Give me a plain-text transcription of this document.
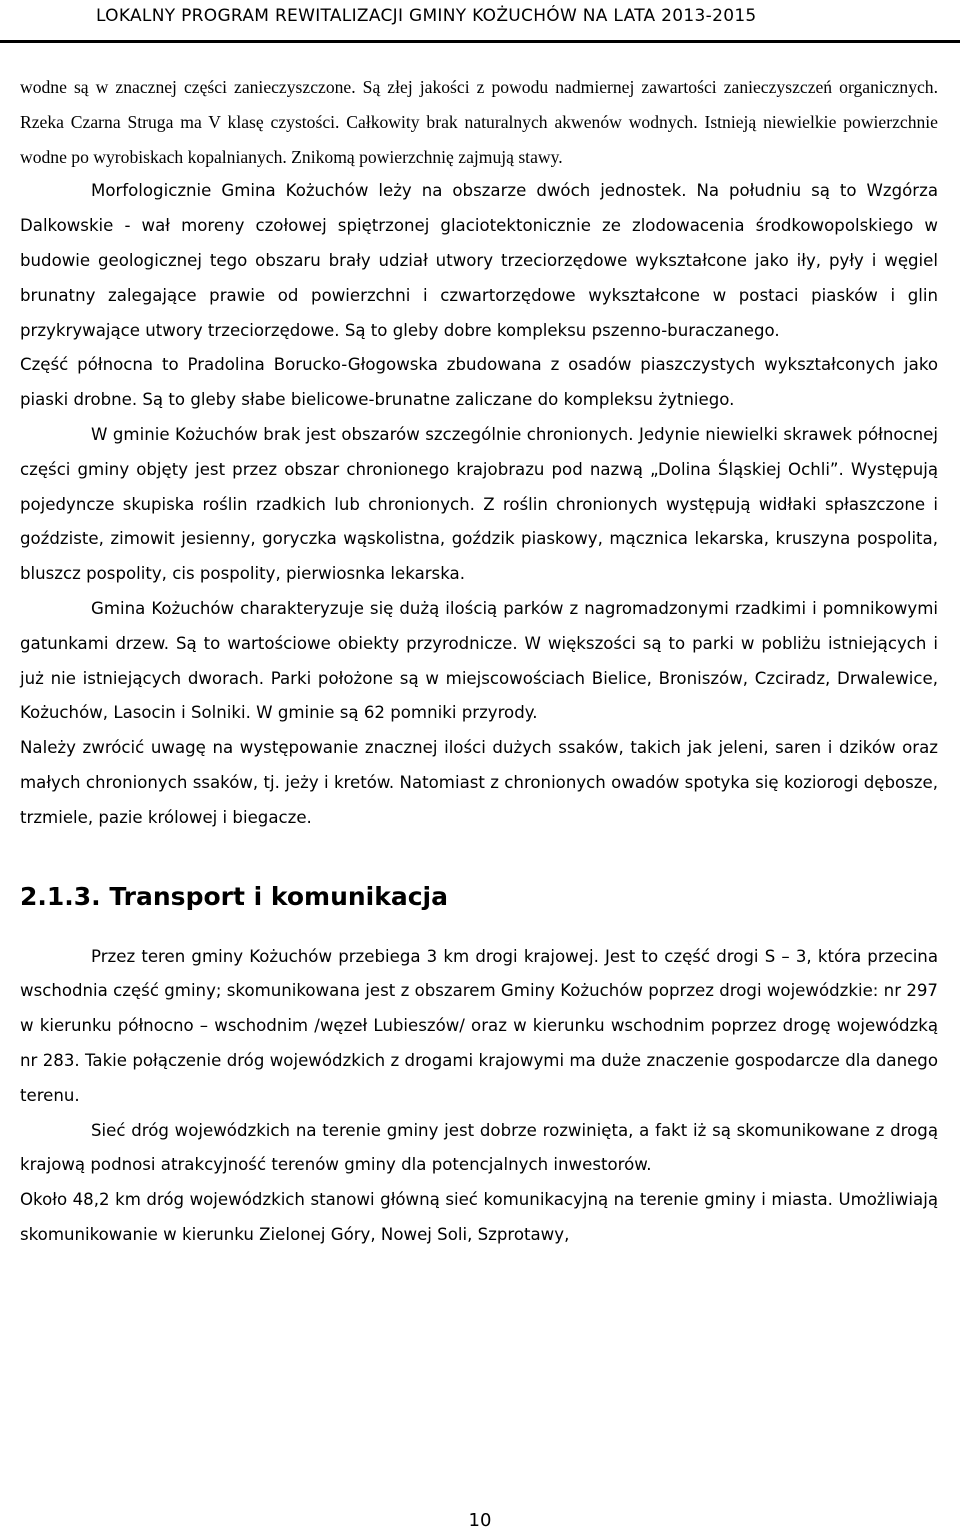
LOKALNY PROGRAM REWITALIZACJI GMINY KOŻUCHÓW NA LATA 2013-2015

wodne są w znacznej części zanieczyszczone. Są złej jakości z powodu nadmiernej zawartości zanieczyszczeń organicznych. Rzeka Czarna Struga ma V klasę czystości. Całkowity brak naturalnych akwenów wodnych. Istnieją niewielkie powierzchnie wodne po wyrobiskach kopalnianych. Znikomą powierzchnię zajmują stawy.

Morfologicznie Gmina Kożuchów leży na obszarze dwóch jednostek. Na południu są to Wzgórza Dalkowskie - wał moreny czołowej spiętrzonej glaciotektonicznie ze zlodowacenia środkowopolskiego w budowie geologicznej tego obszaru brały udział utwory trzeciorzędowe wykształcone jako iły, pyły i węgiel brunatny zalegające prawie od powierzchni i czwartorzędowe wykształcone w postaci piasków i glin przykrywające utwory trzeciorzędowe. Są to gleby dobre kompleksu pszenno-buraczanego.

Część północna to Pradolina Borucko-Głogowska zbudowana z osadów piaszczystych wykształconych jako piaski drobne. Są to gleby słabe bielicowe-brunatne zaliczane do kompleksu żytniego.

W gminie Kożuchów brak jest obszarów szczególnie chronionych. Jedynie niewielki skrawek północnej części gminy objęty jest przez obszar chronionego krajobrazu pod nazwą „Dolina Śląskiej Ochli”. Występują pojedyncze skupiska roślin rzadkich lub chronionych. Z roślin chronionych występują widłaki spłaszczone i goździste, zimowit jesienny, goryczka wąskolistna, goździk piaskowy, mącznica lekarska, kruszyna pospolita, bluszcz pospolity, cis pospolity, pierwiosnka lekarska.

Gmina Kożuchów charakteryzuje się dużą ilością parków z nagromadzonymi rzadkimi i pomnikowymi gatunkami drzew. Są to wartościowe obiekty przyrodnicze. W większości są to parki w pobliżu istniejących i już nie istniejących dworach. Parki położone są w miejscowościach Bielice, Broniszów, Czciradz, Drwalewice, Kożuchów, Lasocin i Solniki. W gminie są 62 pomniki przyrody.

Należy zwrócić uwagę na występowanie znacznej ilości dużych ssaków, takich jak jeleni, saren i dzików oraz małych chronionych ssaków, tj. jeży i kretów. Natomiast z chronionych owadów spotyka się koziorogi dębosze, trzmiele, pazie królowej i biegacze.

2.1.3. Transport i komunikacja

Przez teren gminy Kożuchów przebiega 3 km drogi krajowej. Jest to część drogi S – 3, która przecina wschodnia część gminy; skomunikowana jest z obszarem Gminy Kożuchów poprzez drogi wojewódzkie: nr 297 w kierunku północno – wschodnim /węzeł Lubieszów/ oraz w kierunku wschodnim poprzez drogę wojewódzką nr 283. Takie połączenie dróg wojewódzkich z drogami krajowymi ma duże znaczenie gospodarcze dla danego terenu.

Sieć dróg wojewódzkich na terenie gminy jest dobrze rozwinięta, a fakt iż są skomunikowane z drogą krajową podnosi atrakcyjność terenów gminy dla potencjalnych inwestorów.

Około 48,2 km dróg wojewódzkich stanowi główną sieć komunikacyjną na terenie gminy i miasta. Umożliwiają skomunikowanie w kierunku Zielonej Góry, Nowej Soli, Szprotawy,

10
